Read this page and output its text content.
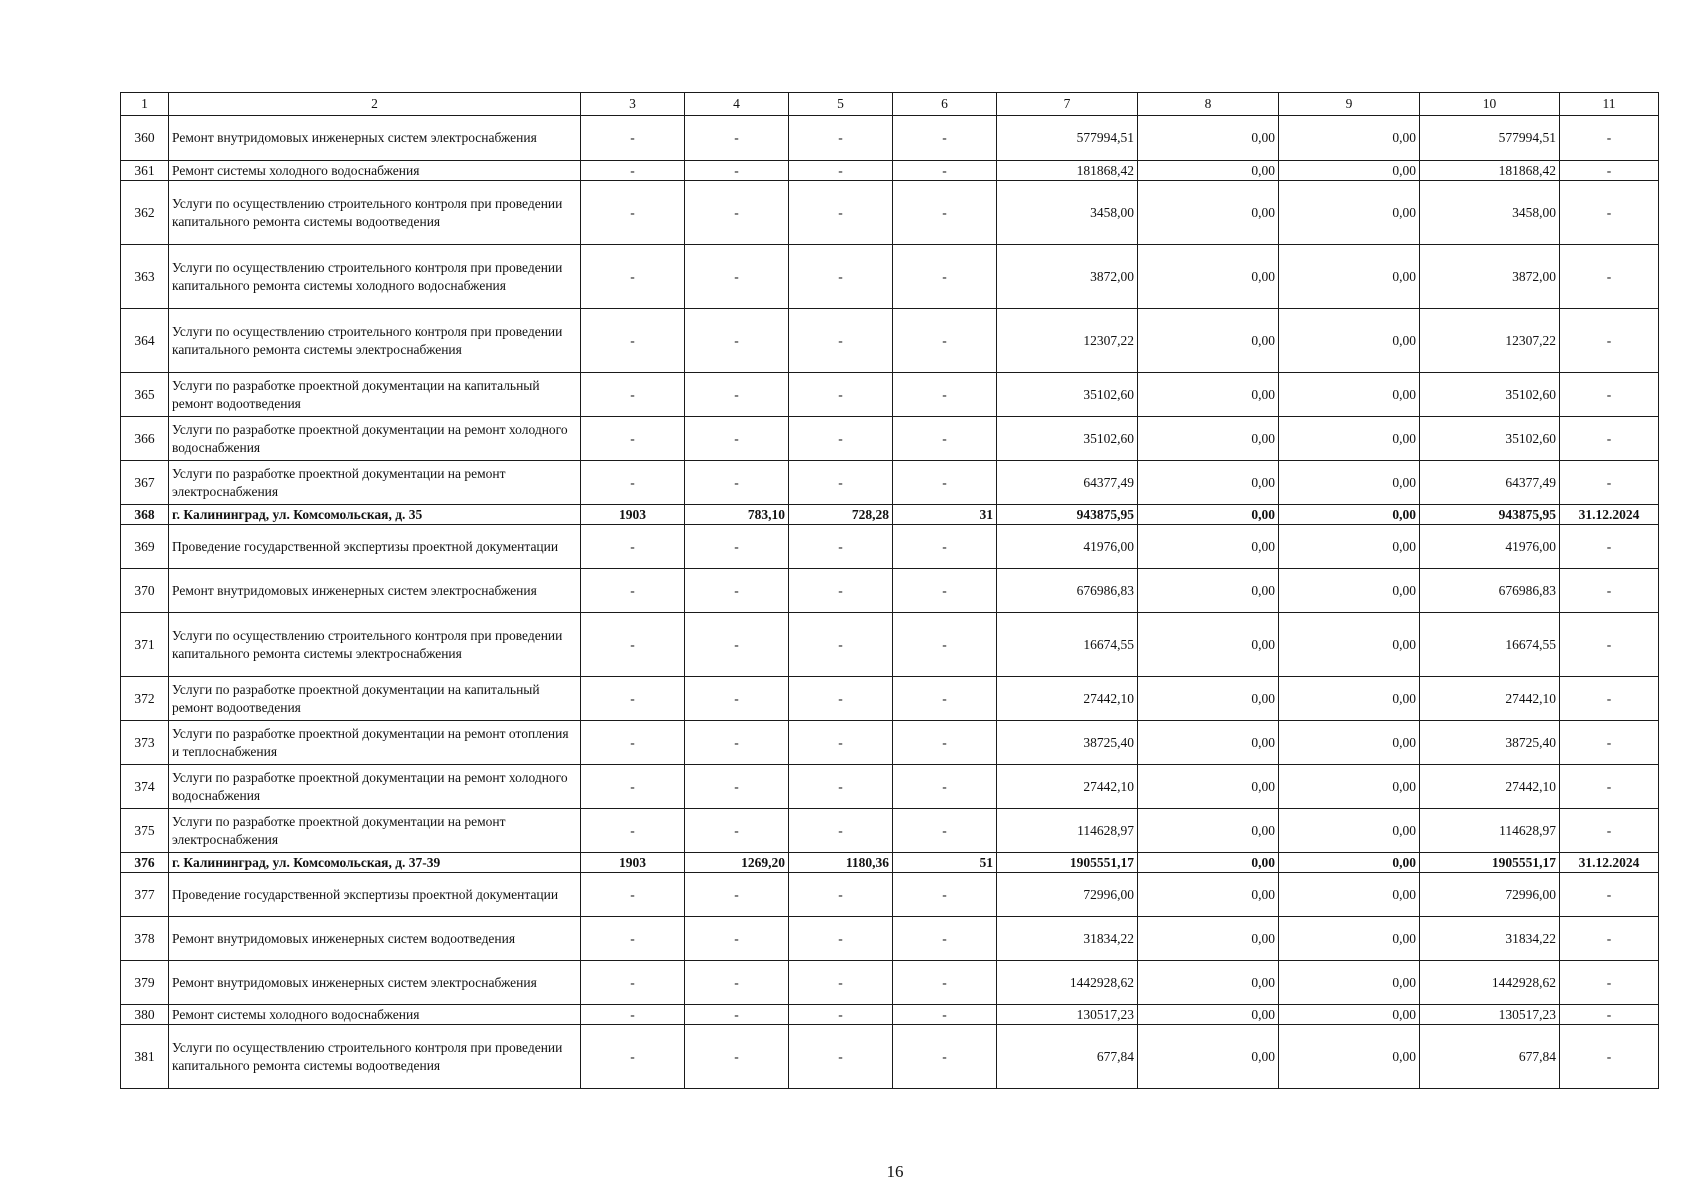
1	2	3	4	5	6	7	8	9	10	11
360	Ремонт внутридомовых инженерных систем электроснабжения	-	-	-	-	577994,51	0,00	0,00	577994,51	-
361	Ремонт системы холодного водоснабжения	-	-	-	-	181868,42	0,00	0,00	181868,42	-
362	Услуги по осуществлению строительного контроля при проведении капитального ремонта системы водоотведения	-	-	-	-	3458,00	0,00	0,00	3458,00	-
363	Услуги по осуществлению строительного контроля при проведении капитального ремонта системы холодного водоснабжения	-	-	-	-	3872,00	0,00	0,00	3872,00	-
364	Услуги по осуществлению строительного контроля при проведении капитального ремонта системы электроснабжения	-	-	-	-	12307,22	0,00	0,00	12307,22	-
365	Услуги по разработке проектной документации на капитальный ремонт водоотведения	-	-	-	-	35102,60	0,00	0,00	35102,60	-
366	Услуги по разработке проектной документации на ремонт холодного водоснабжения	-	-	-	-	35102,60	0,00	0,00	35102,60	-
367	Услуги по разработке проектной документации на ремонт электроснабжения	-	-	-	-	64377,49	0,00	0,00	64377,49	-
368	г. Калининград, ул. Комсомольская, д. 35	1903	783,10	728,28	31	943875,95	0,00	0,00	943875,95	31.12.2024
369	Проведение государственной экспертизы проектной документации	-	-	-	-	41976,00	0,00	0,00	41976,00	-
370	Ремонт внутридомовых инженерных систем электроснабжения	-	-	-	-	676986,83	0,00	0,00	676986,83	-
371	Услуги по осуществлению строительного контроля при проведении капитального ремонта системы электроснабжения	-	-	-	-	16674,55	0,00	0,00	16674,55	-
372	Услуги по разработке проектной документации на капитальный ремонт водоотведения	-	-	-	-	27442,10	0,00	0,00	27442,10	-
373	Услуги по разработке проектной документации на ремонт отопления и теплоснабжения	-	-	-	-	38725,40	0,00	0,00	38725,40	-
374	Услуги по разработке проектной документации на ремонт холодного водоснабжения	-	-	-	-	27442,10	0,00	0,00	27442,10	-
375	Услуги по разработке проектной документации на ремонт электроснабжения	-	-	-	-	114628,97	0,00	0,00	114628,97	-
376	г. Калининград, ул. Комсомольская, д. 37-39	1903	1269,20	1180,36	51	1905551,17	0,00	0,00	1905551,17	31.12.2024
377	Проведение государственной экспертизы проектной документации	-	-	-	-	72996,00	0,00	0,00	72996,00	-
378	Ремонт внутридомовых инженерных систем водоотведения	-	-	-	-	31834,22	0,00	0,00	31834,22	-
379	Ремонт внутридомовых инженерных систем электроснабжения	-	-	-	-	1442928,62	0,00	0,00	1442928,62	-
380	Ремонт системы холодного водоснабжения	-	-	-	-	130517,23	0,00	0,00	130517,23	-
381	Услуги по осуществлению строительного контроля при проведении капитального ремонта системы водоотведения	-	-	-	-	677,84	0,00	0,00	677,84	-
16
